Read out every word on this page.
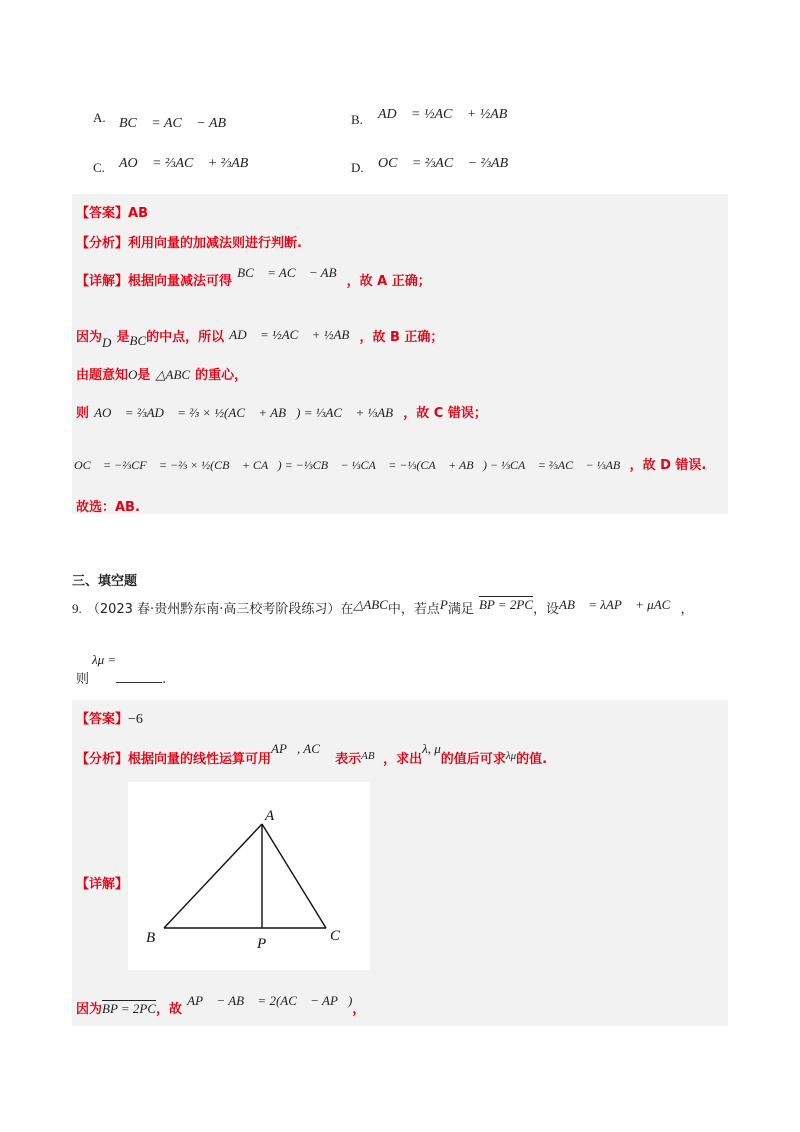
A. BC⃗ = AC⃗ − AB⃗	B. AD⃗ = ½AC⃗ + ½AB⃗
C. AO⃗ = ⅔AC⃗ + ⅔AB⃗	D. OC⃗ = ⅔AC⃗ − ⅔AB⃗
【答案】AB
【分析】利用向量的加减法则进行判断.
【详解】根据向量减法可得 $^{BC⃗ = AC⃗ - AB⃗}$，故 A 正确；
因为$_D$ 是$_{BC}$的中点，所以 AD⃗ = ½AC⃗ + ½AB⃗，故 B 正确；
由题意知O是 △ABC 的重心，
则 AO⃗ = ⅔AD⃗ = ⅔ × ½(AC⃗ + AB⃗) = ⅓AC⃗ + ⅓AB⃗，故 C 错误；
OC⃗ = −⅔CF⃗ = −⅔ × ½(CB⃗ + CA⃗) = −⅓CB⃗ − ⅓CA⃗ = −⅓(CA⃗ + AB⃗) − ⅓CA⃗ = ⅔AC⃗ − ⅓AB⃗，故 D 错误.
故选：AB.
三、填空题
9. （2023 春·贵州黔东南·高三校考阶段练习）在$^{\triangle ABC}$中，若点$^P$满足 $^{BP = 2PC}$，设$^{AB⃗ = \lambda AP⃗ + \mu AC⃗}$，
λμ =
则	.
【答案】−6
【分析】根据向量的线性运算可用$^{AP⃗, AC⃗}$ 表示$^{AB⃗}$，求出$^{\lambda, \mu}$的值后可求$^{\lambda\mu}$的值.
【详解】
A
B	C
P
因为BP = 2PC，故 $^{AP⃗ - AB⃗ = 2(AC⃗ - AP⃗)}$，
